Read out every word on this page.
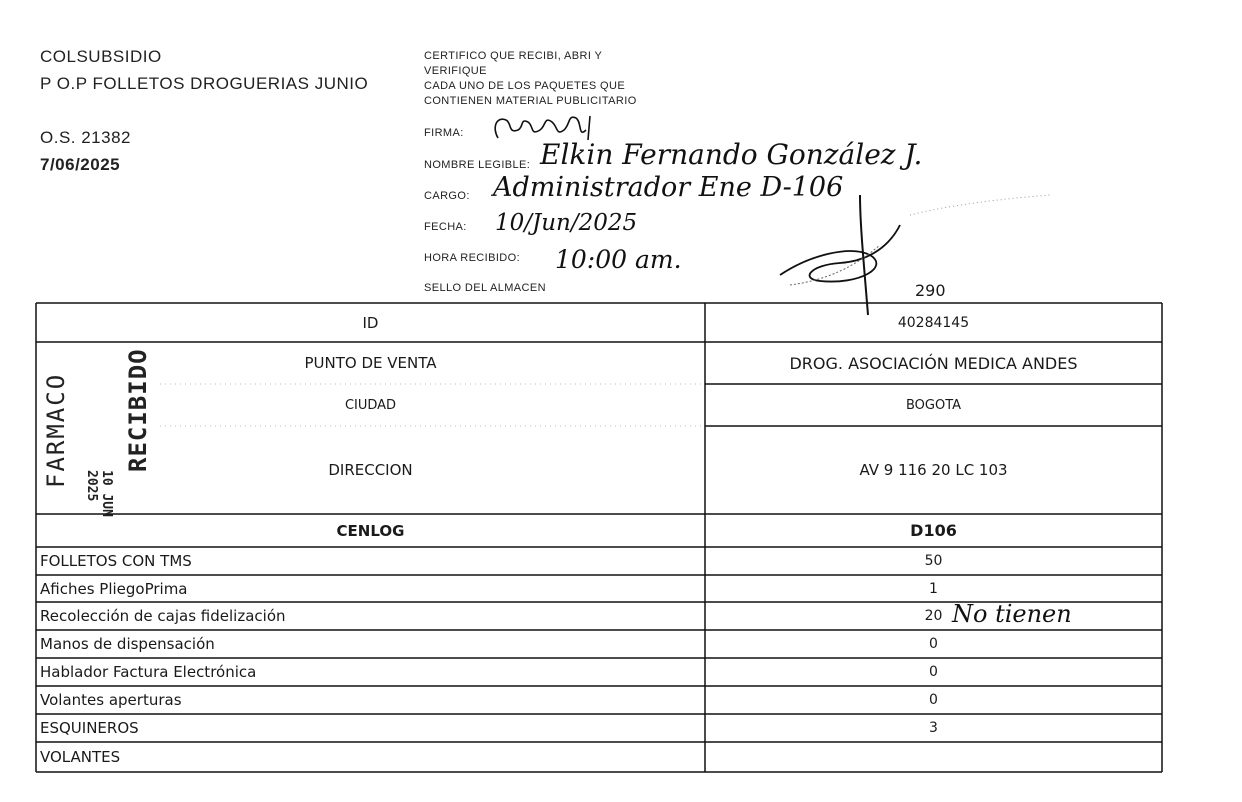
COLSUBSIDIO
P O.P FOLLETOS DROGUERIAS JUNIO
O.S. 21382
7/06/2025
CERTIFICO QUE RECIBI, ABRI Y
VERIFIQUE
CADA UNO DE LOS PAQUETES QUE
CONTIENEN MATERIAL PUBLICITARIO
FIRMA:
NOMBRE LEGIBLE: Elkin Fernando González J.
CARGO: Administrador Ene D-106
FECHA: 10/Jun/2025
HORA RECIBIDO: 10:00 am.
SELLO DEL ALMACEN	290
ID	40284145
PUNTO DE VENTA	DROG. ASOCIACIÓN MEDICA ANDES
CIUDAD	BOGOTA
DIRECCION	AV 9 116 20 LC 103
CENLOG	D106
FARMACO
10 JUN 2025
RECIBIDO
FOLLETOS CON TMS	50
Afiches PliegoPrima	1
Recolección de cajas fidelización	20 No tienen
Manos de dispensación	0
Hablador Factura Electrónica	0
Volantes aperturas	0
ESQUINEROS	3
VOLANTES
